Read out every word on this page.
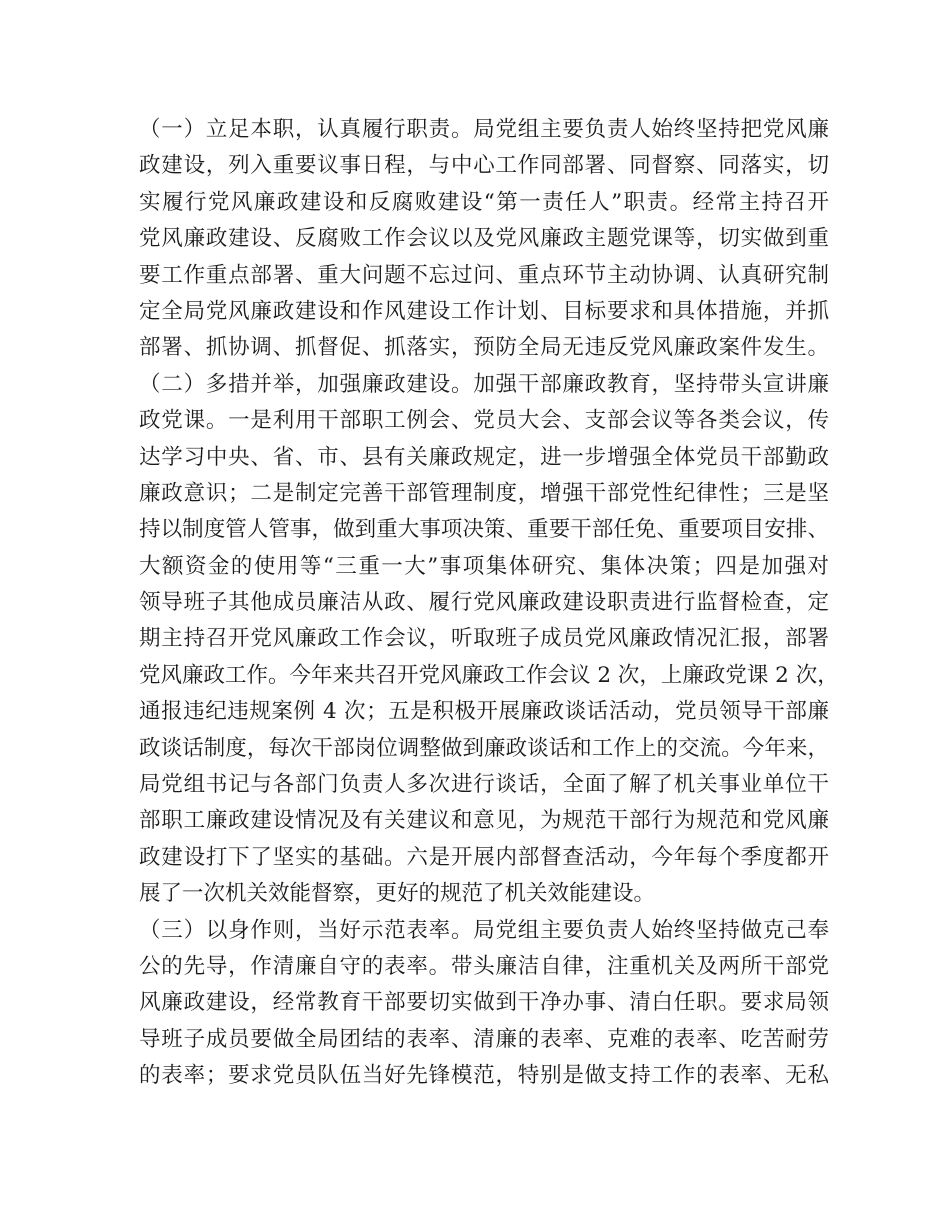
（一）立足本职，认真履行职责。局党组主要负责人始终坚持把党风廉
政建设，列入重要议事日程，与中心工作同部署、同督察、同落实，切
实履行党风廉政建设和反腐败建设“第一责任人”职责。经常主持召开
党风廉政建设、反腐败工作会议以及党风廉政主题党课等，切实做到重
要工作重点部署、重大问题不忘过问、重点环节主动协调、认真研究制
定全局党风廉政建设和作风建设工作计划、目标要求和具体措施，并抓
部署、抓协调、抓督促、抓落实，预防全局无违反党风廉政案件发生。
（二）多措并举，加强廉政建设。加强干部廉政教育，坚持带头宣讲廉
政党课。一是利用干部职工例会、党员大会、支部会议等各类会议，传
达学习中央、省、市、县有关廉政规定，进一步增强全体党员干部勤政
廉政意识；二是制定完善干部管理制度，增强干部党性纪律性；三是坚
持以制度管人管事，做到重大事项决策、重要干部任免、重要项目安排、
大额资金的使用等“三重一大”事项集体研究、集体决策；四是加强对
领导班子其他成员廉洁从政、履行党风廉政建设职责进行监督检查，定
期主持召开党风廉政工作会议，听取班子成员党风廉政情况汇报，部署
党风廉政工作。今年来共召开党风廉政工作会议 2 次，上廉政党课 2 次，
通报违纪违规案例 4 次；五是积极开展廉政谈话活动，党员领导干部廉
政谈话制度，每次干部岗位调整做到廉政谈话和工作上的交流。今年来，
局党组书记与各部门负责人多次进行谈话，全面了解了机关事业单位干
部职工廉政建设情况及有关建议和意见，为规范干部行为规范和党风廉
政建设打下了坚实的基础。六是开展内部督查活动，今年每个季度都开
展了一次机关效能督察，更好的规范了机关效能建设。
（三）以身作则，当好示范表率。局党组主要负责人始终坚持做克己奉
公的先导，作清廉自守的表率。带头廉洁自律，注重机关及两所干部党
风廉政建设，经常教育干部要切实做到干净办事、清白任职。要求局领
导班子成员要做全局团结的表率、清廉的表率、克难的表率、吃苦耐劳
的表率；要求党员队伍当好先锋模范，特别是做支持工作的表率、无私
